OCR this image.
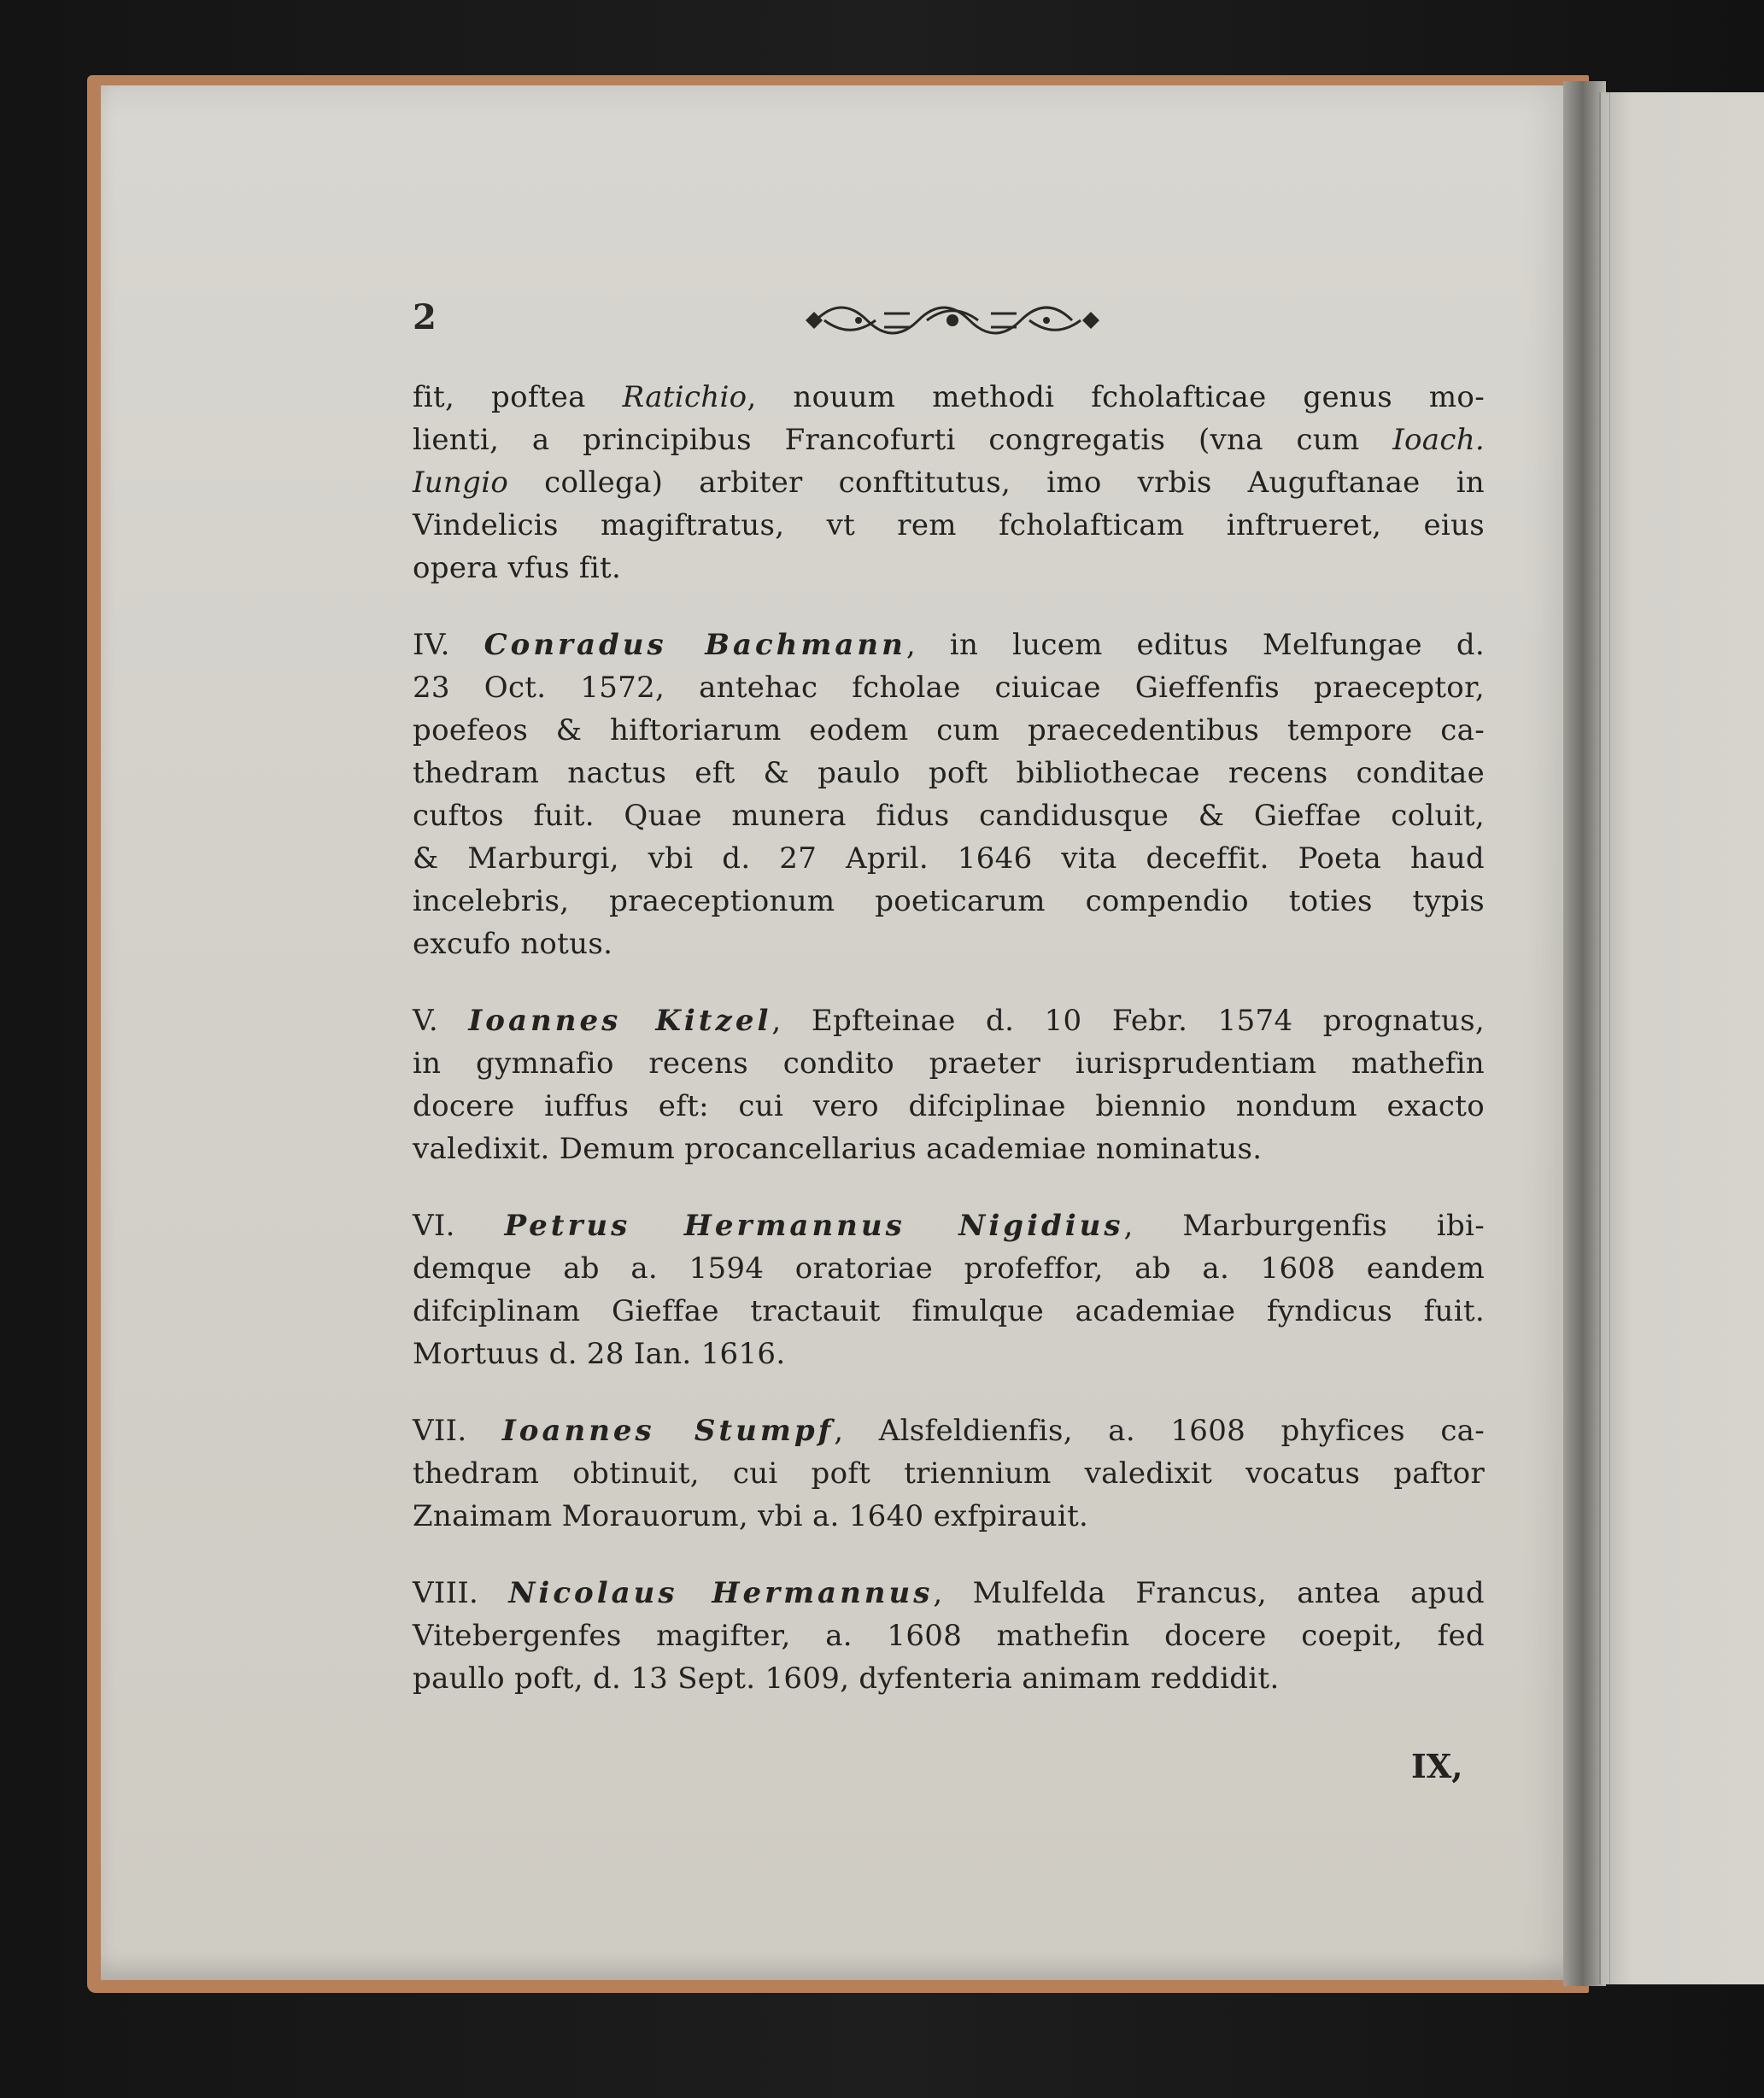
2
fit, poftea Ratichio, nouum methodi fcholafticae genus mo-
lienti, a principibus Francofurti congregatis (vna cum Ioach.
Iungio collega) arbiter conftitutus, imo vrbis Auguftanae in
Vindelicis magiftratus, vt rem fcholafticam inftrueret, eius
opera vfus fit.
IV. Conradus Bachmann, in lucem editus Melfungae d.
23 Oct. 1572, antehac fcholae ciuicae Gieffenfis praeceptor,
poefeos & hiftoriarum eodem cum praecedentibus tempore ca-
thedram nactus eft & paulo poft bibliothecae recens conditae
cuftos fuit. Quae munera fidus candidusque & Gieffae coluit,
& Marburgi, vbi d. 27 April. 1646 vita deceffit. Poeta haud
incelebris, praeceptionum poeticarum compendio toties typis
excufo notus.
V. Ioannes Kitzel, Epfteinae d. 10 Febr. 1574 prognatus,
in gymnafio recens condito praeter iurisprudentiam mathefin
docere iuffus eft: cui vero difciplinae biennio nondum exacto
valedixit. Demum procancellarius academiae nominatus.
VI. Petrus Hermannus Nigidius, Marburgenfis ibi-
demque ab a. 1594 oratoriae profeffor, ab a. 1608 eandem
difciplinam Gieffae tractauit fimulque academiae fyndicus fuit.
Mortuus d. 28 Ian. 1616.
VII. Ioannes Stumpf, Alsfeldienfis, a. 1608 phyfices ca-
thedram obtinuit, cui poft triennium valedixit vocatus paftor
Znaimam Morauorum, vbi a. 1640 exfpirauit.
VIII. Nicolaus Hermannus, Mulfelda Francus, antea apud
Vitebergenfes magifter, a. 1608 mathefin docere coepit, fed
paullo poft, d. 13 Sept. 1609, dyfenteria animam reddidit.
IX,
